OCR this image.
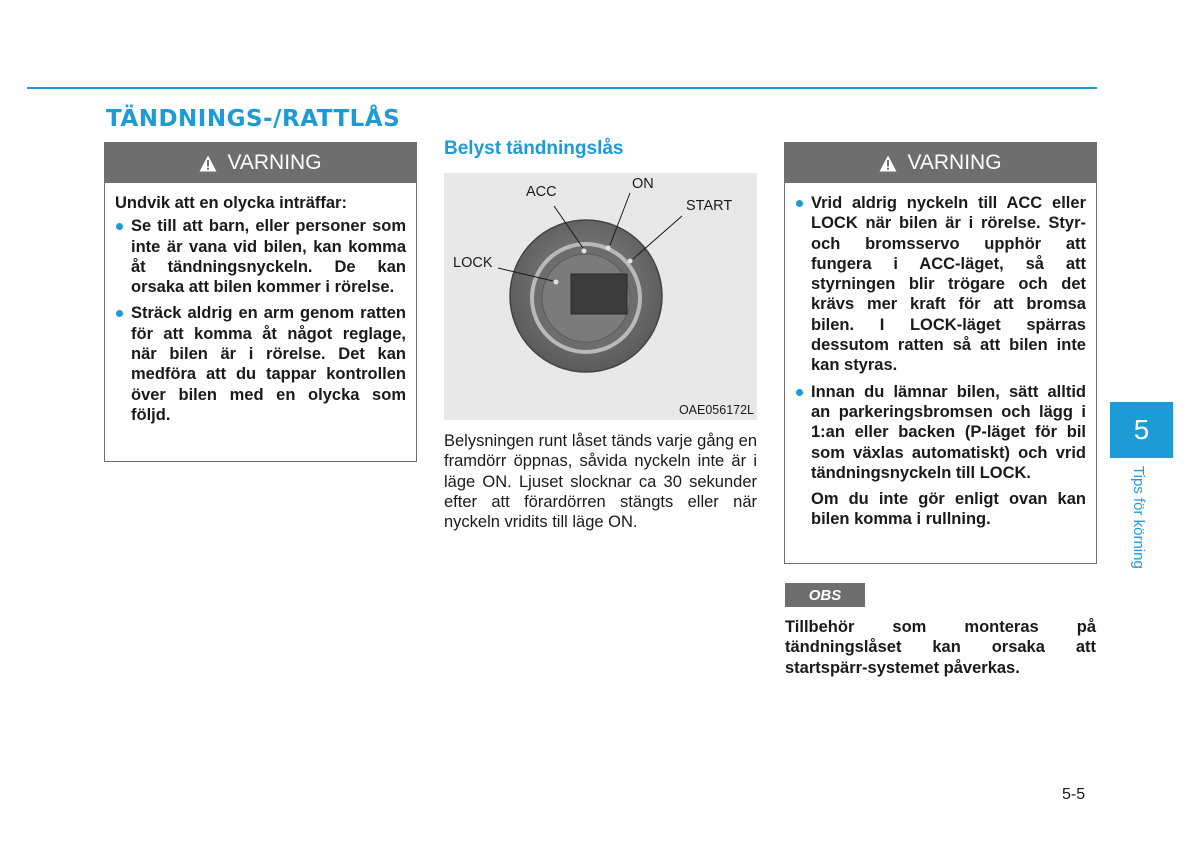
TÄNDNINGS-/RATTLÅS
VARNING

Undvik att en olycka inträffar:

Se till att barn, eller personer som inte är vana vid bilen, kan komma åt tändningsnyckeln. De kan orsaka att bilen kommer i rörelse.
Sträck aldrig en arm genom ratten för att komma åt något reglage, när bilen är i rörelse. Det kan medföra att du tappar kontrollen över bilen med en olycka som följd.
Belyst tändningslås
ACC	ON
START
LOCK
OAE056172L
Belysningen runt låset tänds varje gång en framdörr öppnas, såvida nyckeln inte är i läge ON. Ljuset slocknar ca 30 sekunder efter att förardörren stängts eller när nyckeln vridits till läge ON.
VARNING
Vrid aldrig nyckeln till ACC eller LOCK när bilen är i rörelse. Styr- och bromsservo upphör att fungera i ACC-läget, så att styrningen blir trögare och det krävs mer kraft för att bromsa bilen. I LOCK-läget spärras dessutom ratten så att bilen inte kan styras.
Innan du lämnar bilen, sätt alltid an parkeringsbromsen och lägg i 1:an eller backen (P-läget för bil som växlas automatiskt) och vrid tändningsnyckeln till LOCK.

Om du inte gör enligt ovan kan bilen komma i rullning.

OBS
Tillbehör som monteras på tändningslåset kan orsaka att startspärr-systemet påverkas.
5
Tips för körning
5-5
